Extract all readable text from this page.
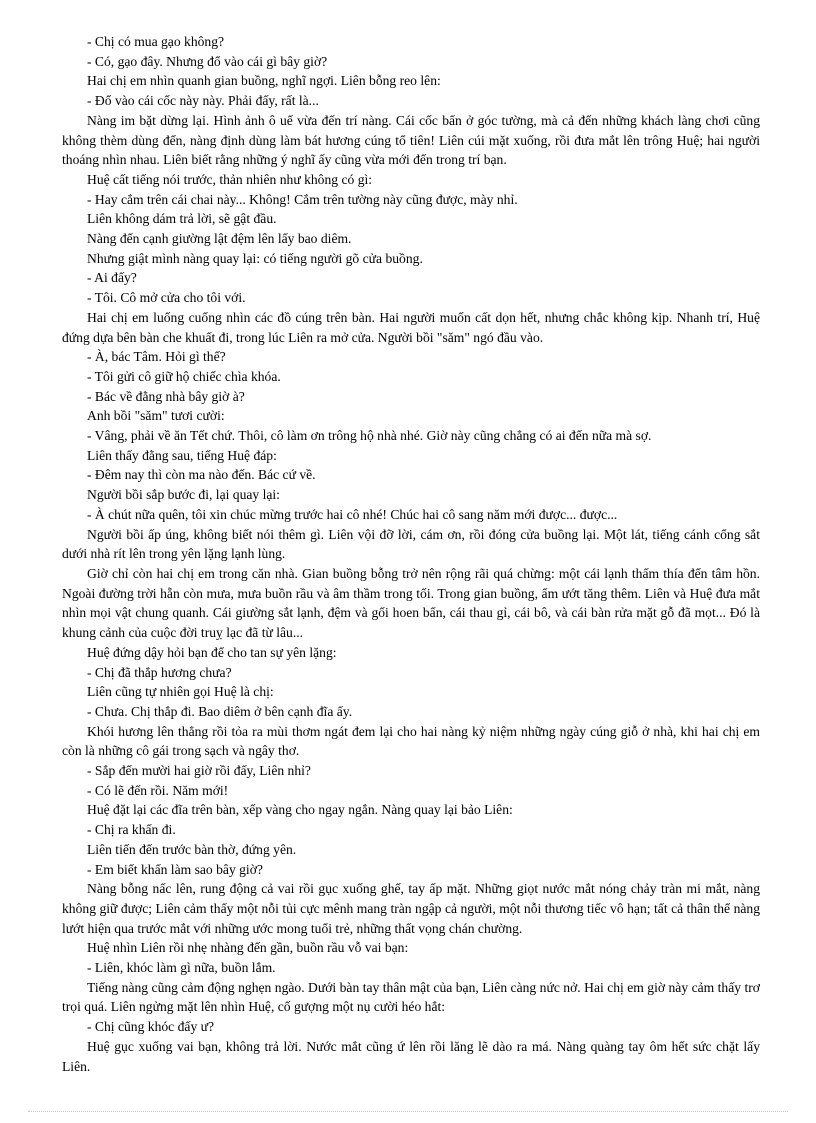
- Chị có mua gạo không?

- Có, gạo đây. Nhưng đổ vào cái gì bây giờ?

Hai chị em nhìn quanh gian buồng, nghĩ ngợi. Liên bỗng reo lên:

- Đổ vào cái cốc này này. Phải đấy, rất là...

Nàng im bặt dừng lại. Hình ảnh ô uế vừa đến trí nàng. Cái cốc bẩn ở góc tường, mà cả đến những khách làng chơi cũng không thèm dùng đến, nàng định dùng làm bát hương cúng tổ tiên! Liên cúi mặt xuống, rồi đưa mắt lên trông Huệ; hai người thoáng nhìn nhau. Liên biết rằng những ý nghĩ ấy cũng vừa mới đến trong trí bạn.

Huệ cất tiếng nói trước, thản nhiên như không có gì:

- Hay cắm trên cái chai này... Không! Cắm trên tường này cũng được, mày nhỉ.

Liên không dám trả lời, sẽ gật đầu.

Nàng đến cạnh giường lật đệm lên lấy bao diêm.

Nhưng giật mình nàng quay lại: có tiếng người gõ cửa buồng.

- Ai đấy?

- Tôi. Cô mở cửa cho tôi với.

Hai chị em luống cuống nhìn các đồ cúng trên bàn. Hai người muốn cất dọn hết, nhưng chắc không kịp. Nhanh trí, Huệ đứng dựa bên bàn che khuất đi, trong lúc Liên ra mở cửa. Người bồi "săm" ngó đầu vào.

- À, bác Tâm. Hỏi gì thế?

- Tôi gửi cô giữ hộ chiếc chìa khóa.

- Bác về đằng nhà bây giờ à?

Anh bồi "săm" tươi cười:

- Vâng, phải về ăn Tết chứ. Thôi, cô làm ơn trông hộ nhà nhé. Giờ này cũng chẳng có ai đến nữa mà sợ.

Liên thấy đằng sau, tiếng Huệ đáp:

- Đêm nay thì còn ma nào đến. Bác cứ về.

Người bồi sắp bước đi, lại quay lại:

- À chút nữa quên, tôi xin chúc mừng trước hai cô nhé! Chúc hai cô sang năm mới được... được...

Người bồi ấp úng, không biết nói thêm gì. Liên vội đỡ lời, cám ơn, rồi đóng cửa buồng lại. Một lát, tiếng cánh cổng sắt dưới nhà rít lên trong yên lặng lạnh lùng.

Giờ chỉ còn hai chị em trong căn nhà. Gian buồng bỗng trở nên rộng rãi quá chừng: một cái lạnh thấm thía đến tâm hồn. Ngoài đường trời hẵn còn mưa, mưa buồn rầu và âm thầm trong tối. Trong gian buồng, ẩm ướt tăng thêm. Liên và Huệ đưa mắt nhìn mọi vật chung quanh. Cái giường sắt lạnh, đệm và gối hoen bẩn, cái thau gỉ, cái bô, và cái bàn rửa mặt gỗ đã mọt... Đó là khung cảnh của cuộc đời truỵ lạc đã từ lâu...

Huệ đứng dậy hỏi bạn để cho tan sự yên lặng:

- Chị đã thắp hương chưa?

Liên cũng tự nhiên gọi Huệ là chị:

- Chưa. Chị thắp đi. Bao diêm ở bên cạnh đĩa ấy.

Khói hương lên thẳng rồi tỏa ra mùi thơm ngát đem lại cho hai nàng kỷ niệm những ngày cúng giỗ ở nhà, khi hai chị em còn là những cô gái trong sạch và ngây thơ.

- Sắp đến mười hai giờ rồi đấy, Liên nhỉ?

- Có lẽ đến rồi. Năm mới!

Huệ đặt lại các đĩa trên bàn, xếp vàng cho ngay ngắn. Nàng quay lại bảo Liên:

- Chị ra khấn đi.

Liên tiến đến trước bàn thờ, đứng yên.

- Em biết khấn làm sao bây giờ?

Nàng bỗng nấc lên, rung động cả vai rồi gục xuống ghế, tay ấp mặt. Những giọt nước mắt nóng chảy tràn mi mắt, nàng không giữ được; Liên cảm thấy một nỗi tủi cực mênh mang tràn ngập cả người, một nỗi thương tiếc vô hạn; tất cả thân thể nàng lướt hiện qua trước mắt với những ước mong tuổi trẻ, những thất vọng chán chường.

Huệ nhìn Liên rồi nhẹ nhàng đến gần, buồn rầu vỗ vai bạn:

- Liên, khóc làm gì nữa, buồn lắm.

Tiếng nàng cũng cảm động nghẹn ngào. Dưới bàn tay thân mật của bạn, Liên càng nức nở. Hai chị em giờ này cảm thấy trơ trọi quá. Liên ngửng mặt lên nhìn Huệ, cố gượng một nụ cười héo hắt:

- Chị cũng khóc đấy ư?

Huệ gục xuống vai bạn, không trả lời. Nước mắt cũng ứ lên rồi lăng lẽ dào ra má. Nàng quàng tay ôm hết sức chặt lấy Liên.
